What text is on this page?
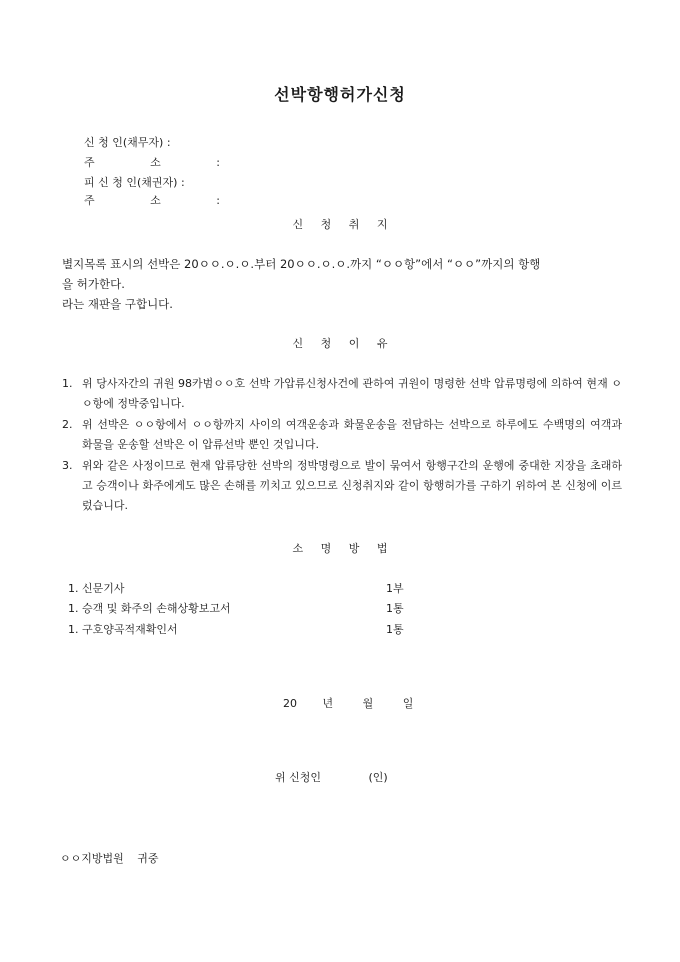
선박항행허가신청
신 청 인(채무자) :
주 소 :
피 신 청 인(채권자) :
주 소 :
신 청 취 지
별지목록 표시의 선박은 20ㅇㅇ.ㅇ.ㅇ.부터 20ㅇㅇ.ㅇ.ㅇ.까지 “ㅇㅇ항”에서 “ㅇㅇ”까지의 항행
을 허가한다.
라는 재판을 구합니다.
신 청 이 유
1. 위 당사자간의 귀원 98카범ㅇㅇ호 선박 가압류신청사건에 관하여 귀원이 명령한 선박 압류명령에 의하여 현재 ㅇㅇ항에 정박중입니다.
2. 위 선박은 ㅇㅇ항에서 ㅇㅇ항까지 사이의 여객운송과 화물운송을 전담하는 선박으로 하루에도 수백명의 여객과 화물을 운송할 선박은 이 압류선박 뿐인 것입니다.
3. 위와 같은 사정이므로 현재 압류당한 선박의 정박명령으로 발이 묶여서 항행구간의 운행에 중대한 지장을 초래하고 승객이나 화주에게도 많은 손해를 끼치고 있으므로 신청취지와 같이 항행허가를 구하기 위하여 본 신청에 이르렀습니다.
소 명 방 법
1. 신문기사	1부
1. 승객 및 화주의 손해상황보고서	1통
1. 구호양곡적재확인서	1통
20 년	월	일
위 신청인	(인)
ㅇㅇ지방법원 귀중
